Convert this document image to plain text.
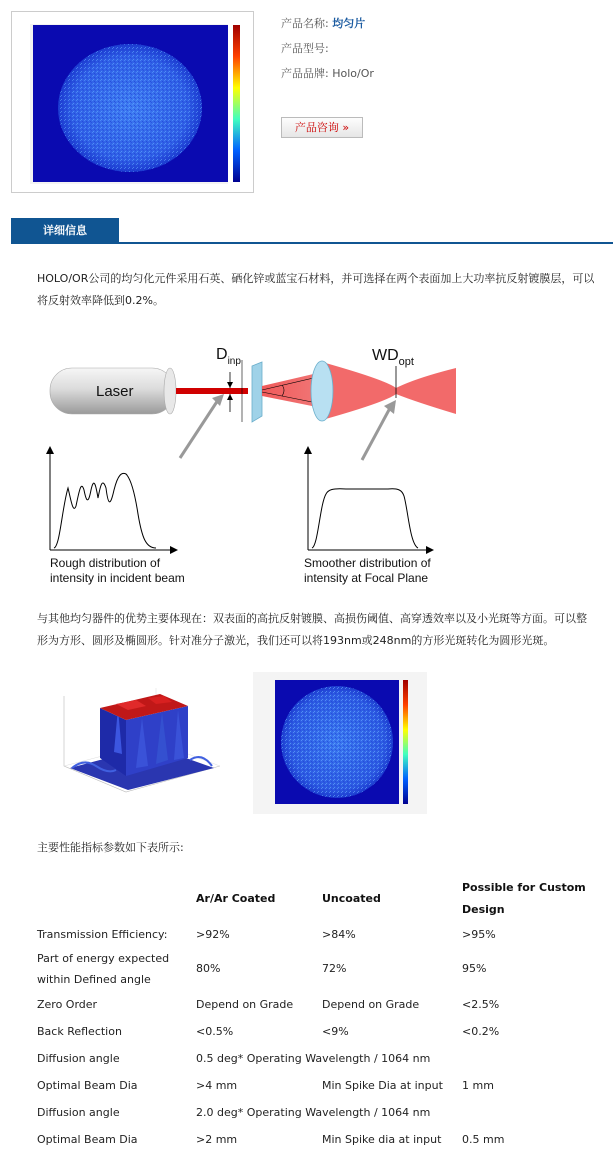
产品名称: 均匀片
产品型号:
产品品牌: Holo/Or
产品咨询 »
详细信息
HOLO/OR公司的均匀化元件采用石英、硒化锌或蓝宝石材料，并可选择在两个表面加上大功率抗反射镀膜层，可以将反射效率降低到0.2%。
Laser
$D_{inp}$	$WD_{opt}$
Rough distribution of
intensity in incident beam
Smoother distribution of
intensity at Focal Plane
与其他均匀器件的优势主要体现在：双表面的高抗反射镀膜、高损伤阈值、高穿透效率以及小光斑等方面。可以整形为方形、圆形及椭圆形。针对准分子激光，我们还可以将193nm或248nm的方形光斑转化为圆形光斑。
主要性能指标参数如下表所示:
	Ar/Ar Coated	Uncoated	Possible for Custom Design
Transmission Efficiency:	>92%	>84%	>95%
Part of energy expected within Defined angle	80%	72%	95%
Zero Order	Depend on Grade	Depend on Grade	<2.5%
Back Reflection	<0.5%	<9%	<0.2%
Diffusion angle	0.5 deg* Operating Wavelength / 1064 nm		
Optimal Beam Dia	>4 mm	Min Spike Dia at input	1 mm
Diffusion angle	2.0 deg* Operating Wavelength / 1064 nm		
Optimal Beam Dia	>2 mm	Min Spike dia at input	0.5 mm
